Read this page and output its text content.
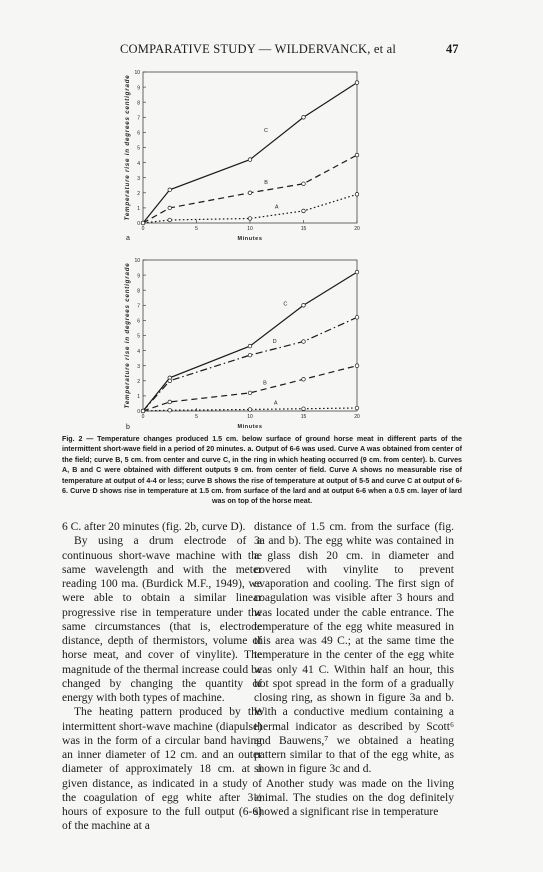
COMPARATIVE STUDY — WILDERVANCK, et al	47
0
1
2
3
4
5
6
7
8
9
10
0	5	10	15	20
Minutes
Temperature rise in degrees centigrade
a
C
B
A
0
1
2
3
4
5
6
7
8
9
10
0	5	10	15	20
Minutes
Temperature rise in degrees centigrade
b
C
D
B
A
Fig. 2 — Temperature changes produced 1.5 cm. below surface of ground horse meat in different parts of the intermittent short-wave field in a period of 20 minutes. a. Output of 6-6 was used. Curve A was obtained from center of the field; curve B, 5 cm. from center and curve C, in the ring in which heating occurred (9 cm. from center). b. Curves A, B and C were obtained with different outputs 9 cm. from center of field. Curve A shows no measurable rise of temperature at output of 4-4 or less; curve B shows the rise of temperature at output of 5-5 and curve C at output of 6-6. Curve D shows rise in temperature at 1.5 cm. from surface of the lard and at output 6-6 when a 0.5 cm. layer of lard was on top of the horse meat.

6 C. after 20 minutes (fig. 2b, curve D).

By using a drum electrode of a continuous short-wave machine with the same wavelength and with the meter reading 100 ma. (Burdick M.F., 1949), we were able to obtain a similar linear progressive rise in temperature under the same circumstances (that is, electrode distance, depth of thermistors, volume of horse meat, and cover of vinylite). The magnitude of the thermal increase could be changed by changing the quantity of energy with both types of machine.

The heating pattern produced by the intermittent short-wave machine (diapulse) was in the form of a circular band having an inner diameter of 12 cm. and an outer diameter of approximately 18 cm. at a given distance, as indicated in a study of the coagulation of egg white after 3½ hours of exposure to the full output (6-6) of the machine at a

distance of 1.5 cm. from the surface (fig. 3a and b). The egg white was contained in a glass dish 20 cm. in diameter and covered with vinylite to prevent evaporation and cooling. The first sign of coagulation was visible after 3 hours and was located under the cable entrance. The temperature of the egg white measured in this area was 49 C.; at the same time the temperature in the center of the egg white was only 41 C. Within half an hour, this hot spot spread in the form of a gradually closing ring, as shown in figure 3a and b. With a conductive medium containing a thermal indicator as described by Scott⁶ and Bauwens,⁷ we obtained a heating pattern similar to that of the egg white, as shown in figure 3c and d.

Another study was made on the living animal. The studies on the dog definitely showed a significant rise in temperature
